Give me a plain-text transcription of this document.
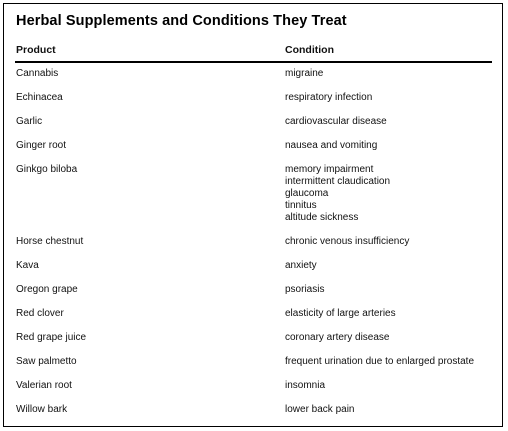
Herbal Supplements and Conditions They Treat
Product	Condition
Cannabis	migraine
Echinacea	respiratory infection
Garlic	cardiovascular disease
Ginger root	nausea and vomiting
Ginkgo biloba	memory impairment
intermittent claudication
glaucoma
tinnitus
altitude sickness
Horse chestnut	chronic venous insufficiency
Kava	anxiety
Oregon grape	psoriasis
Red clover	elasticity of large arteries
Red grape juice	coronary artery disease
Saw palmetto	frequent urination due to enlarged prostate
Valerian root	insomnia
Willow bark	lower back pain
